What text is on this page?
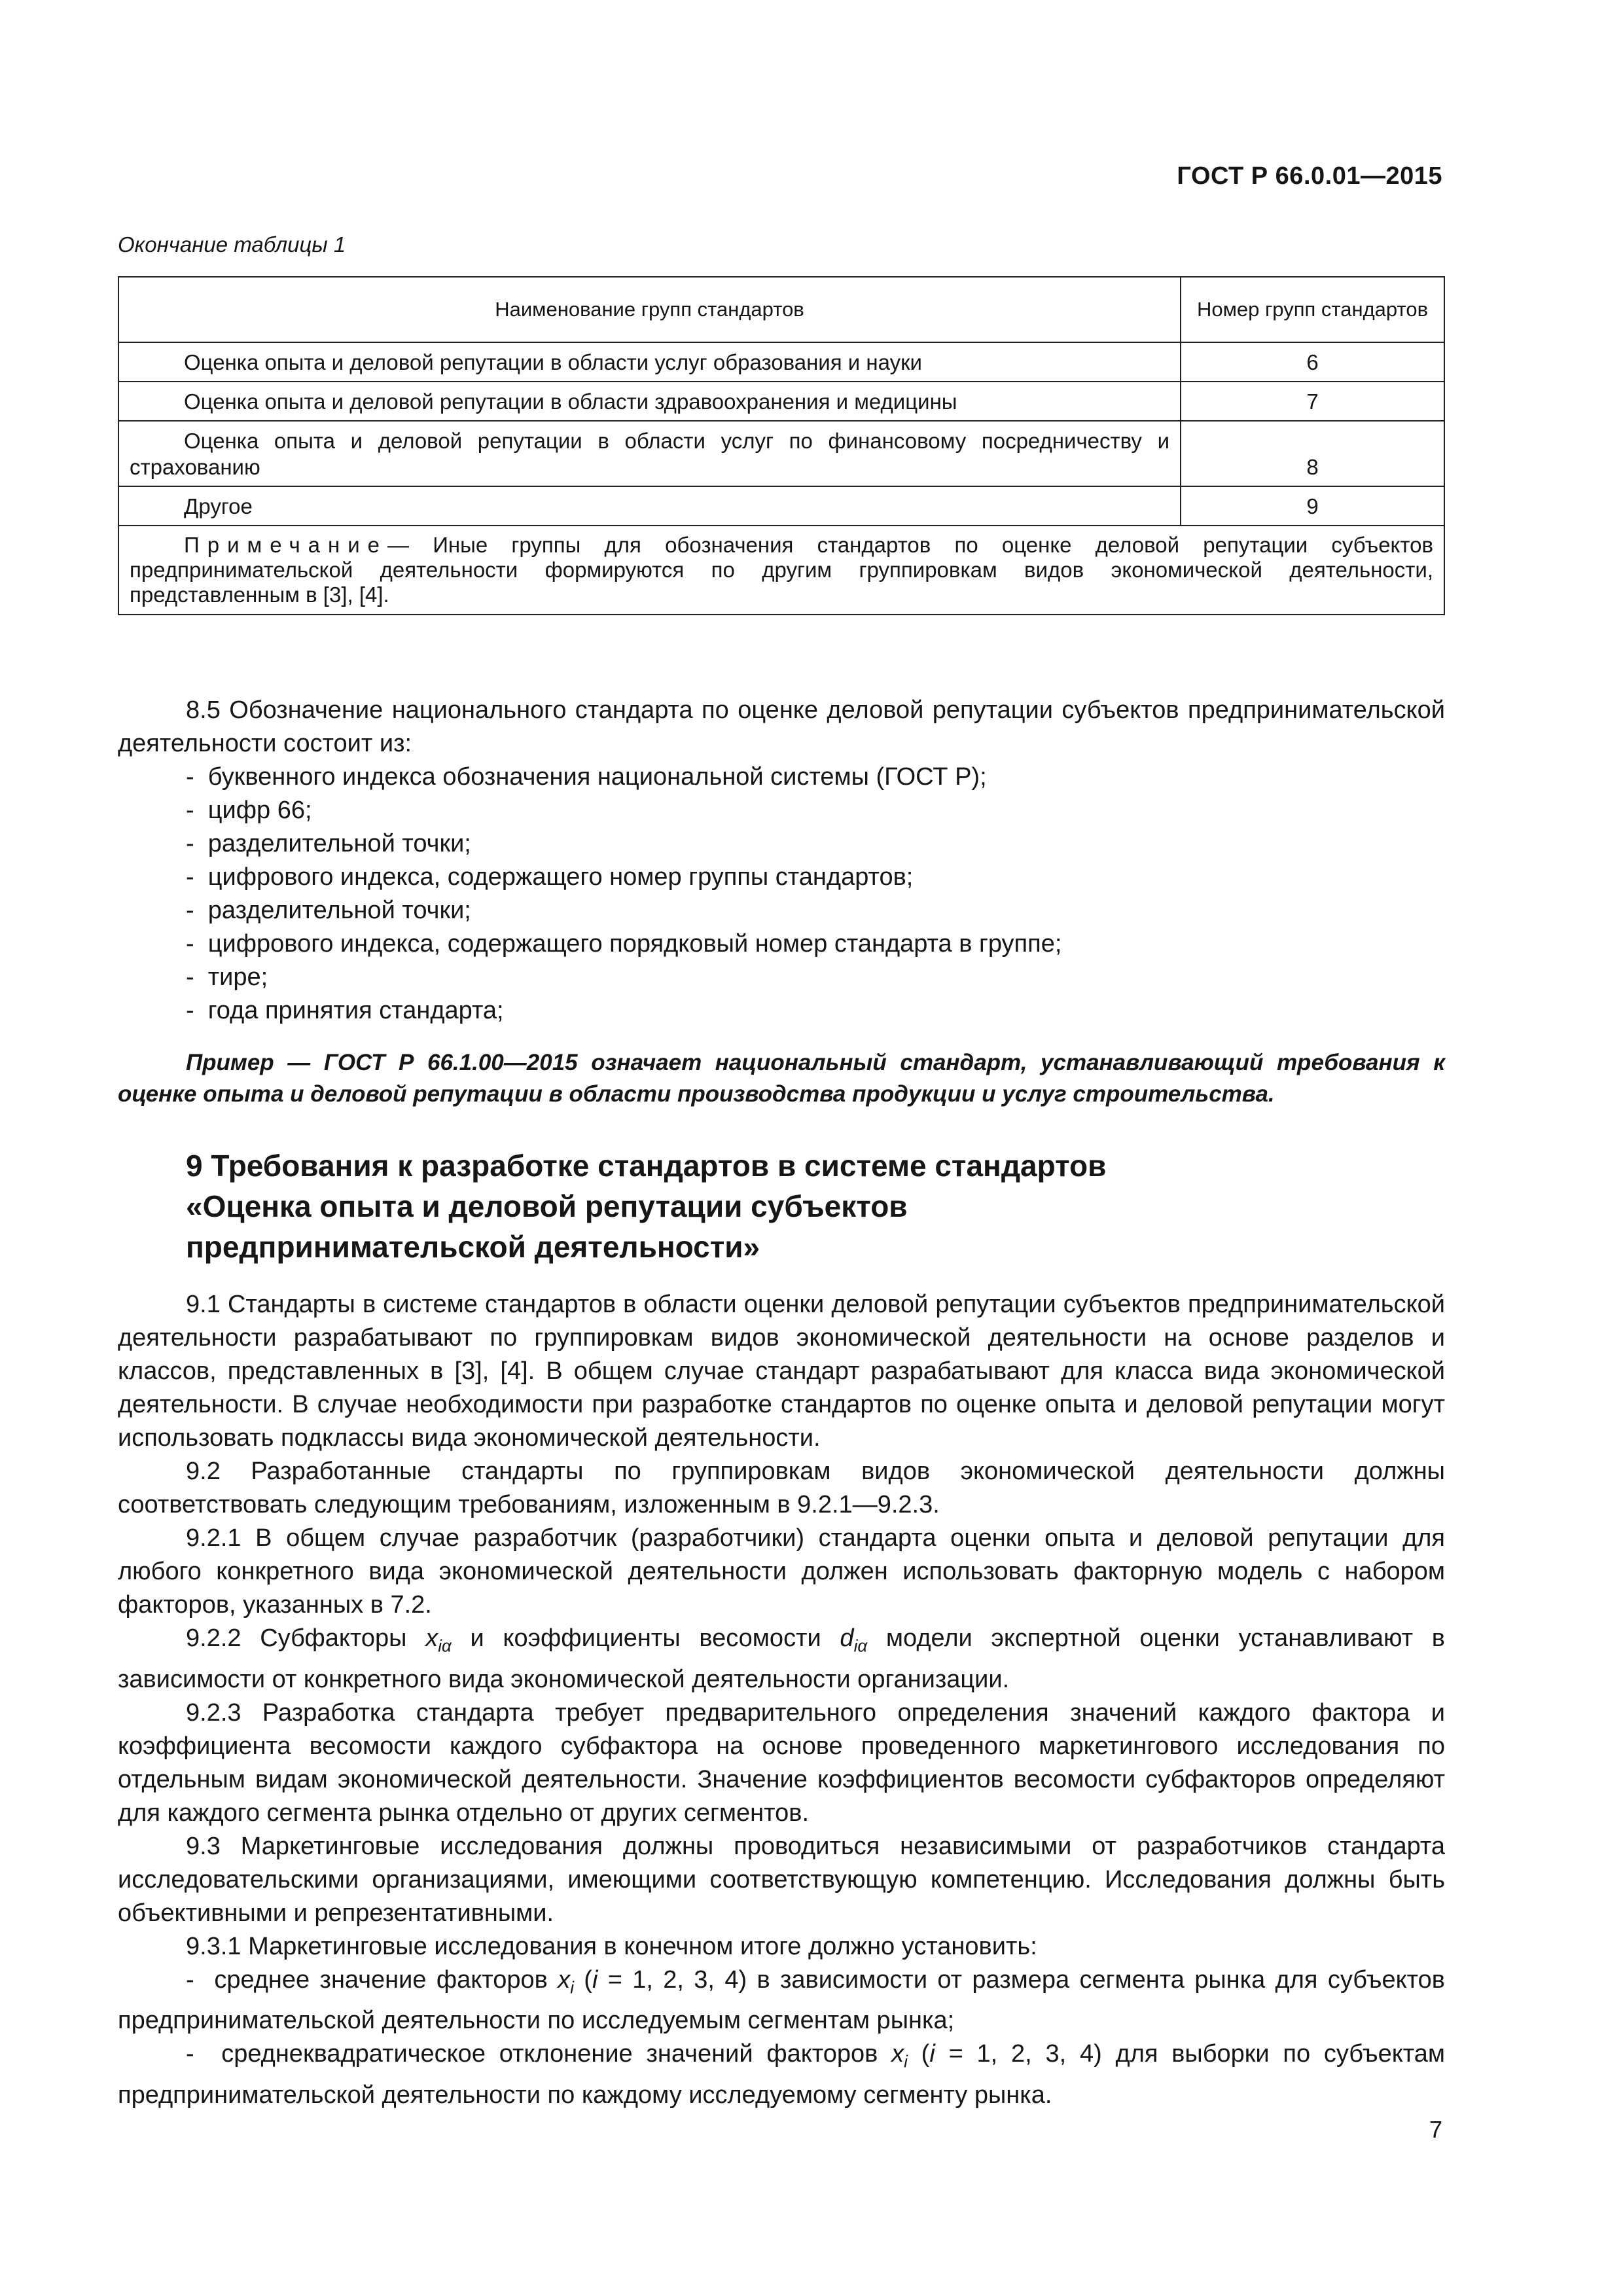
ГОСТ Р 66.0.01—2015
Окончание таблицы 1
Наименование групп стандартов	Номер групп стандартов
Оценка опыта и деловой репутации в области услуг образования и науки	6
Оценка опыта и деловой репутации в области здравоохранения и медицины	7
Оценка опыта и деловой репутации в области услуг по финансовому посредничеству и страхованию	8
Другое	9
Примечание— Иные группы для обозначения стандартов по оценке деловой репутации субъектов предпринимательской деятельности формируются по другим группировкам видов экономической деятельности, представленным в [3], [4].	

8.5 Обозначение национального стандарта по оценке деловой репутации субъектов предпринимательской деятельности состоит из:

-  буквенного индекса обозначения национальной системы (ГОСТ Р);
-  цифр 66;
-  разделительной точки;
-  цифрового индекса, содержащего номер группы стандартов;
-  разделительной точки;
-  цифрового индекса, содержащего порядковый номер стандарта в группе;
-  тире;
-  года принятия стандарта;
Пример — ГОСТ Р 66.1.00—2015 означает национальный стандарт, устанавливающий требования к оценке опыта и деловой репутации в области производства продукции и услуг строительства.
9 Требования к разработке стандартов в системе стандартов
«Оценка опыта и деловой репутации субъектов
предпринимательской деятельности»

9.1 Стандарты в системе стандартов в области оценки деловой репутации субъектов предпринимательской деятельности разрабатывают по группировкам видов экономической деятельности на основе разделов и классов, представленных в [3], [4]. В общем случае стандарт разрабатывают для класса вида экономической деятельности. В случае необходимости при разработке стандартов по оценке опыта и деловой репутации могут использовать подклассы вида экономической деятельности.

9.2 Разработанные стандарты по группировкам видов экономической деятельности должны соответствовать следующим требованиям, изложенным в 9.2.1—9.2.3.

9.2.1 В общем случае разработчик (разработчики) стандарта оценки опыта и деловой репутации для любого конкретного вида экономической деятельности должен использовать факторную модель с набором факторов, указанных в 7.2.

9.2.2 Субфакторы $x_{i\alpha}$ и коэффициенты весомости $d_{i\alpha}$ модели экспертной оценки устанавливают в зависимости от конкретного вида экономической деятельности организации.

9.2.3 Разработка стандарта требует предварительного определения значений каждого фактора и коэффициента весомости каждого субфактора на основе проведенного маркетингового исследования по отдельным видам экономической деятельности. Значение коэффициентов весомости субфакторов определяют для каждого сегмента рынка отдельно от других сегментов.

9.3 Маркетинговые исследования должны проводиться независимыми от разработчиков стандарта исследовательскими организациями, имеющими соответствующую компетенцию. Исследования должны быть объективными и репрезентативными.

9.3.1 Маркетинговые исследования в конечном итоге должно установить:

-  среднее значение факторов $x_i$ (i = 1, 2, 3, 4) в зависимости от размера сегмента рынка для субъектов предпринимательской деятельности по исследуемым сегментам рынка;

-  среднеквадратическое отклонение значений факторов $x_i$ (i = 1, 2, 3, 4) для выборки по субъектам предпринимательской деятельности по каждому исследуемому сегменту рынка.

7
